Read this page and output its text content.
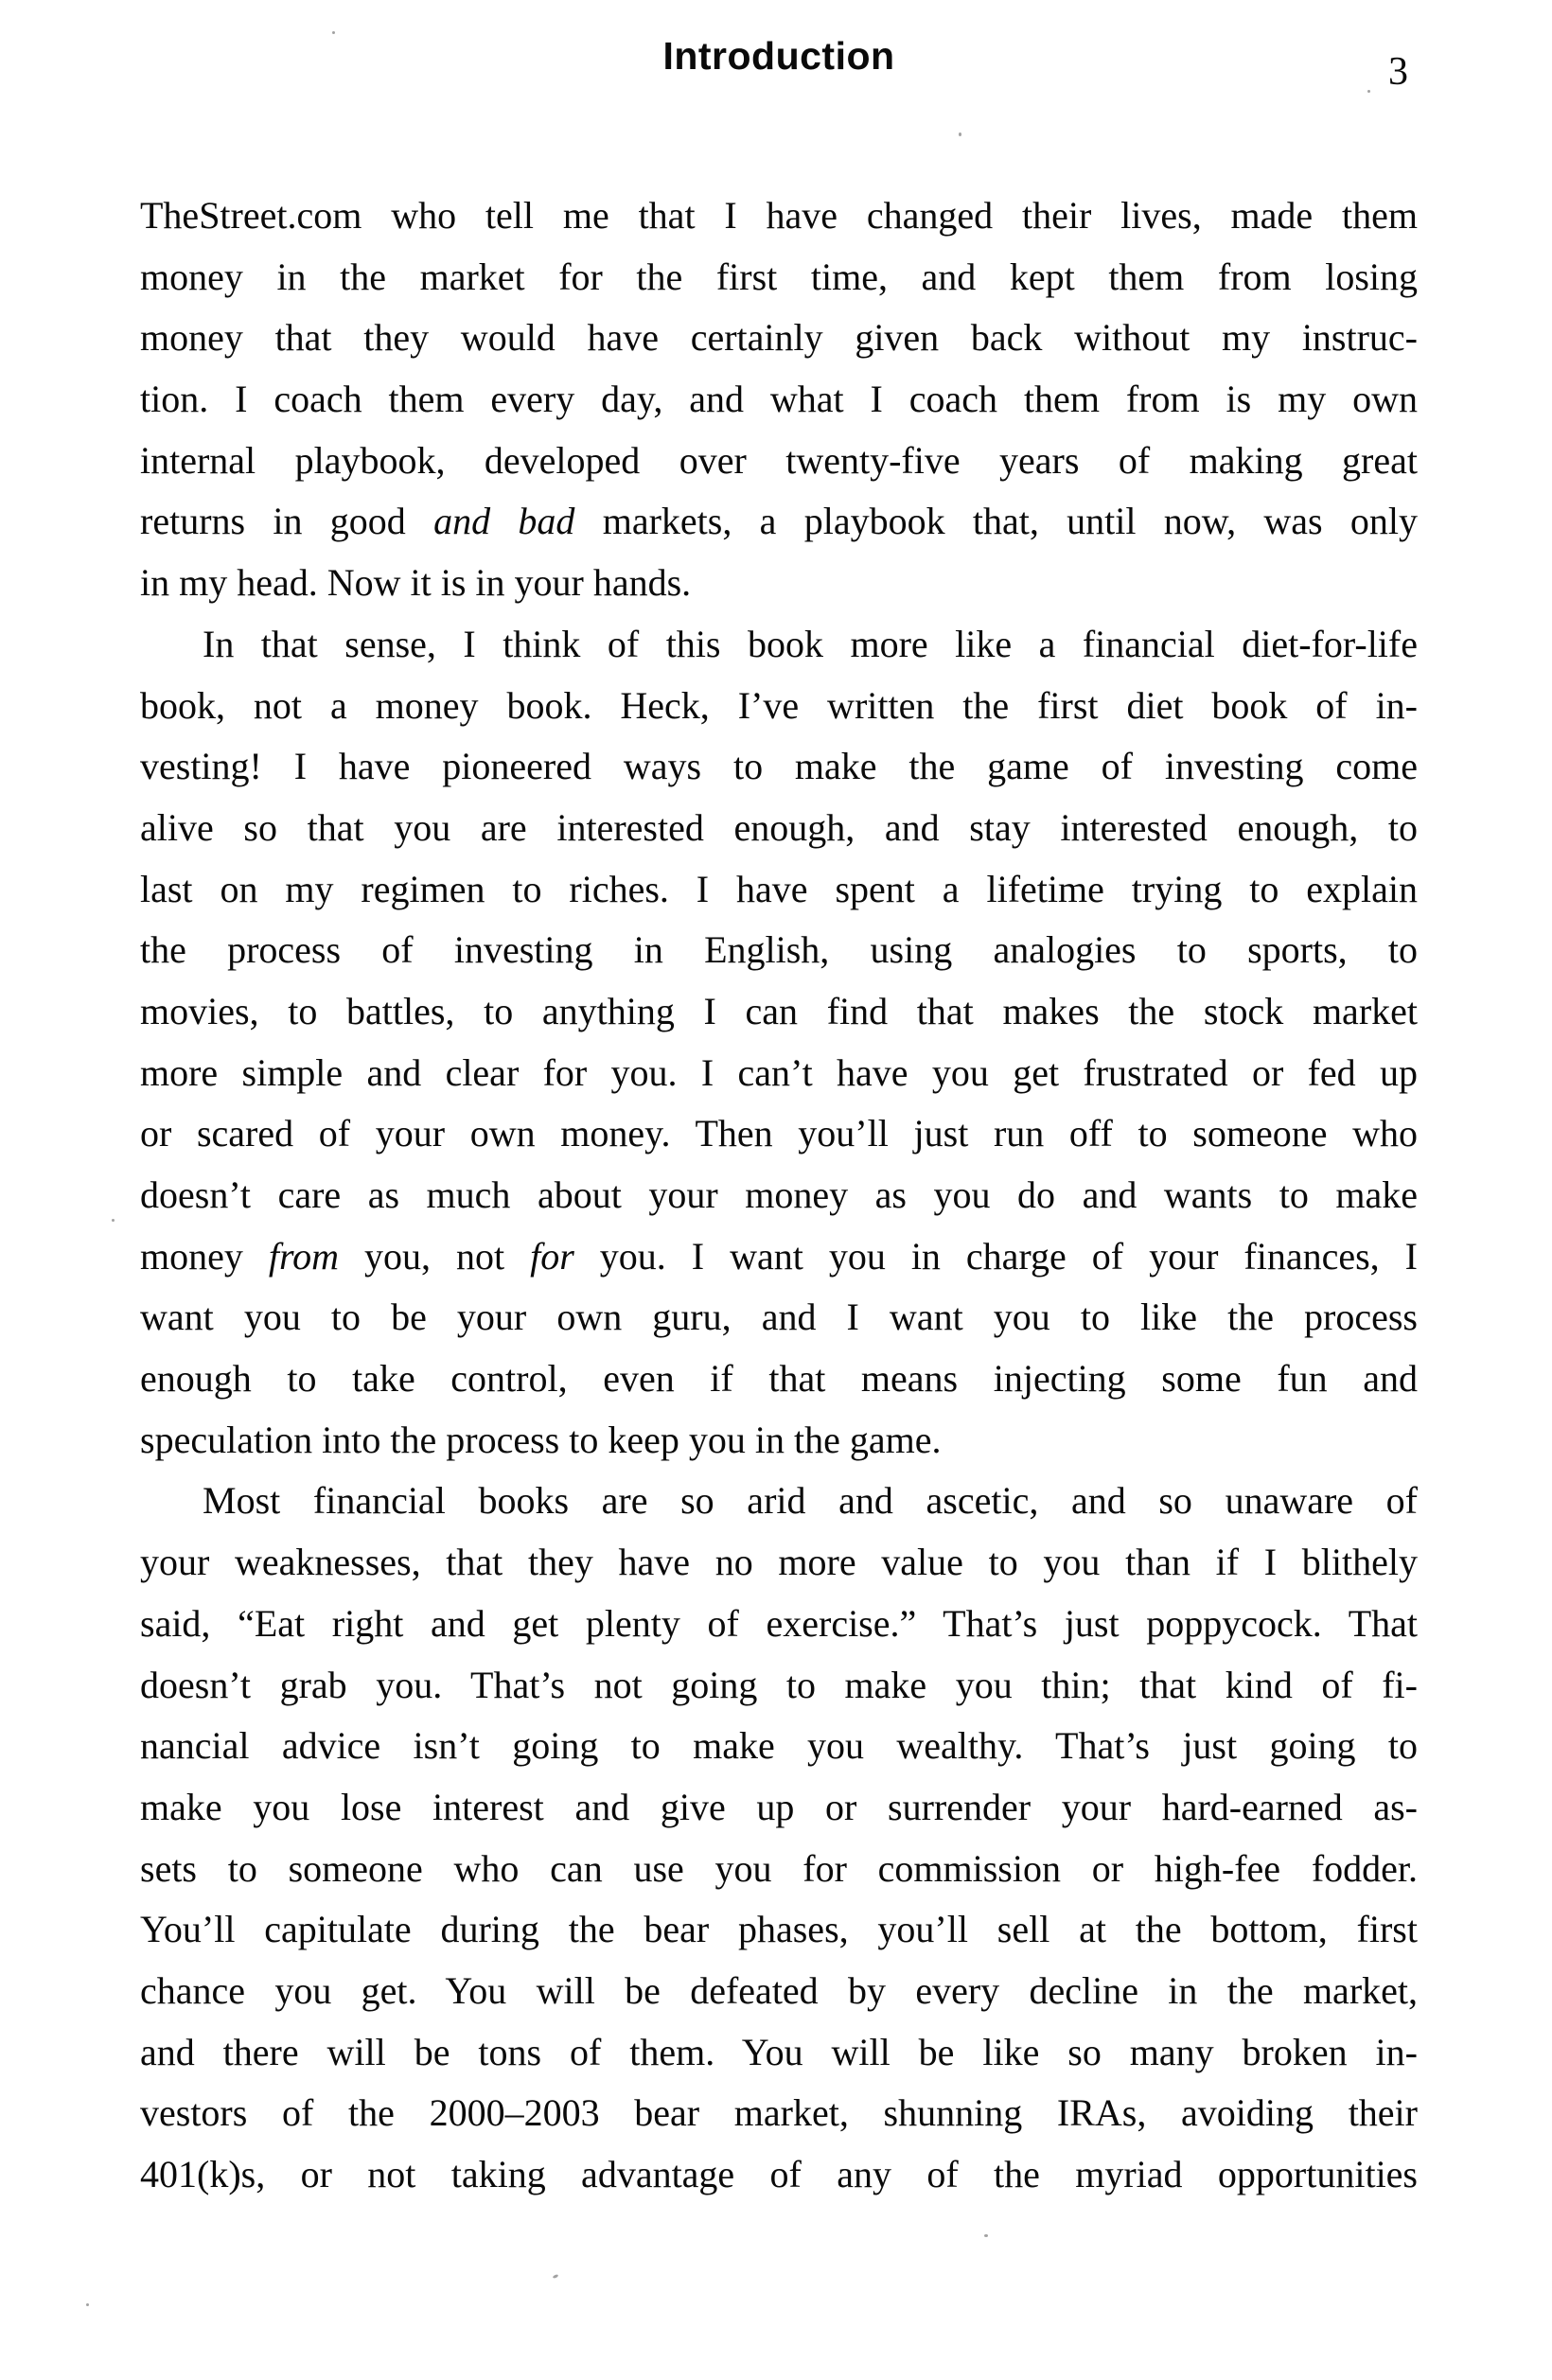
Introduction	3
TheStreet.com who tell me that I have changed their lives, made them
money in the market for the first time, and kept them from losing
money that they would have certainly given back without my instruc-
tion. I coach them every day, and what I coach them from is my own
internal playbook, developed over twenty-five years of making great
returns in good and bad markets, a playbook that, until now, was only
in my head. Now it is in your hands.
In that sense, I think of this book more like a financial diet-for-life
book, not a money book. Heck, I’ve written the first diet book of in-
vesting! I have pioneered ways to make the game of investing come
alive so that you are interested enough, and stay interested enough, to
last on my regimen to riches. I have spent a lifetime trying to explain
the process of investing in English, using analogies to sports, to
movies, to battles, to anything I can find that makes the stock market
more simple and clear for you. I can’t have you get frustrated or fed up
or scared of your own money. Then you’ll just run off to someone who
doesn’t care as much about your money as you do and wants to make
money from you, not for you. I want you in charge of your finances, I
want you to be your own guru, and I want you to like the process
enough to take control, even if that means injecting some fun and
speculation into the process to keep you in the game.
Most financial books are so arid and ascetic, and so unaware of
your weaknesses, that they have no more value to you than if I blithely
said, “Eat right and get plenty of exercise.” That’s just poppycock. That
doesn’t grab you. That’s not going to make you thin; that kind of fi-
nancial advice isn’t going to make you wealthy. That’s just going to
make you lose interest and give up or surrender your hard-earned as-
sets to someone who can use you for commission or high-fee fodder.
You’ll capitulate during the bear phases, you’ll sell at the bottom, first
chance you get. You will be defeated by every decline in the market,
and there will be tons of them. You will be like so many broken in-
vestors of the 2000–2003 bear market, shunning IRAs, avoiding their
401(k)s, or not taking advantage of any of the myriad opportunities
